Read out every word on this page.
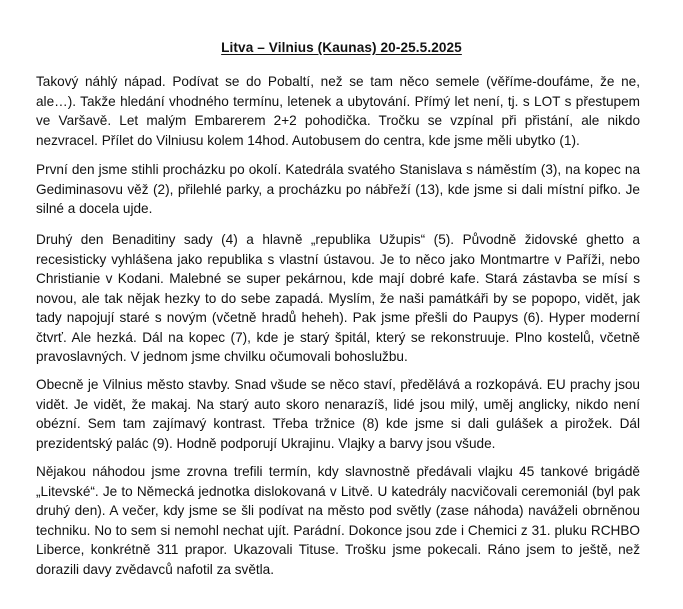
Litva – Vilnius (Kaunas) 20-25.5.2025

Takový náhlý nápad. Podívat se do Pobaltí, než se tam něco semele (věříme-doufáme, že ne, ale…). Takže hledání vhodného termínu, letenek a ubytování. Přímý let není, tj. s LOT s přestupem ve Varšavě. Let malým Embarerem 2+2 pohodička. Tročku se vzpínal při přistání, ale nikdo nezvracel. Přílet do Vilniusu kolem 14hod. Autobusem do centra, kde jsme měli ubytko (1).

První den jsme stihli procházku po okolí. Katedrála svatého Stanislava s náměstím (3), na kopec na Gediminasovu věž (2), přilehlé parky, a procházku po nábřeží (13), kde jsme si dali místní pifko. Je silné a docela ujde.

Druhý den Benaditiny sady (4) a hlavně „republika Užupis“ (5). Původně židovské ghetto a recesisticky vyhlášena jako republika s vlastní ústavou. Je to něco jako Montmartre v Paříži, nebo Christianie v Kodani. Malebné se super pekárnou, kde mají dobré kafe. Stará zástavba se mísí s novou, ale tak nějak hezky to do sebe zapadá. Myslím, že naši památkáři by se popopo, vidět, jak tady napojují staré s novým (včetně hradů heheh). Pak jsme přešli do Paupys (6). Hyper moderní čtvrť. Ale hezká. Dál na kopec (7), kde je starý špitál, který se rekonstruuje. Plno kostelů, včetně pravoslavných. V jednom jsme chvilku očumovali bohoslužbu.

Obecně je Vilnius město stavby. Snad všude se něco staví, předělává a rozkopává. EU prachy jsou vidět. Je vidět, že makaj. Na starý auto skoro nenarazíš, lidé jsou milý, uměj anglicky, nikdo není obézní. Sem tam zajímavý kontrast. Třeba tržnice (8) kde jsme si dali gulášek a pirožek. Dál prezidentský palác (9). Hodně podporují Ukrajinu. Vlajky a barvy jsou všude.

Nějakou náhodou jsme zrovna trefili termín, kdy slavnostně předávali vlajku 45 tankové brigádě „Litevské“. Je to Německá jednotka dislokovaná v Litvě. U katedrály nacvičovali ceremoniál (byl pak druhý den). A večer, kdy jsme se šli podívat na město pod světly (zase náhoda) naváželi obrněnou techniku. No to sem si nemohl nechat ujít. Parádní. Dokonce jsou zde i Chemici z 31. pluku RCHBO Liberce, konkrétně 311 prapor. Ukazovali Tituse. Trošku jsme pokecali. Ráno jsem to ještě, než dorazili davy zvědavců nafotil za světla.
